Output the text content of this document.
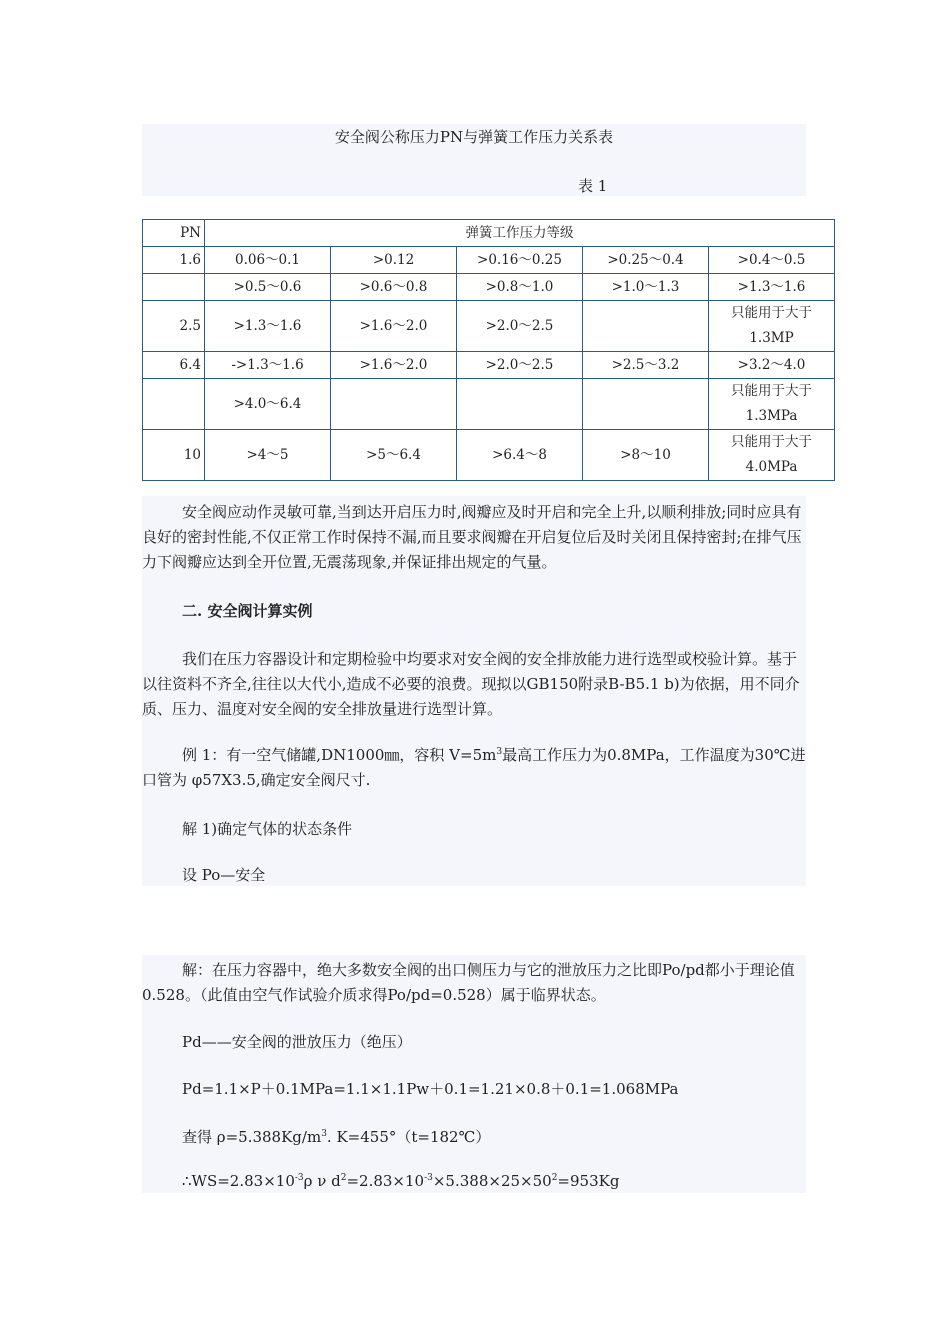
安全阀公称压力PN与弹簧工作压力关系表
表 1
PN	弹簧工作压力等级				
1.6	0.06～0.1	>0.12	>0.16～0.25	>0.25～0.4	>0.4～0.5
	>0.5～0.6	>0.6～0.8	>0.8～1.0	>1.0～1.3	>1.3～1.6
2.5	>1.3～1.6	>1.6～2.0	>2.0～2.5		只能用于大于1.3MP
6.4	->1.3～1.6	>1.6～2.0	>2.0～2.5	>2.5～3.2	>3.2～4.0
	>4.0～6.4				只能用于大于1.3MPa
10	>4～5	>5～6.4	>6.4～8	>8～10	只能用于大于4.0MPa
安全阀应动作灵敏可靠,当到达开启压力时,阀瓣应及时开启和完全上升,以顺利排放;同时应具有良好的密封性能,不仅正常工作时保持不漏,而且要求阀瓣在开启复位后及时关闭且保持密封;在排气压力下阀瓣应达到全开位置,无震荡现象,并保证排出规定的气量。
二. 安全阀计算实例
我们在压力容器设计和定期检验中均要求对安全阀的安全排放能力进行选型或校验计算。基于以往资料不齐全,往往以大代小,造成不必要的浪费。现拟以GB150附录B-B5.1 b)为依据，用不同介质、压力、温度对安全阀的安全排放量进行选型计算。
例 1：有一空气储罐,DN1000㎜，容积 $V=5m^3$最高工作压力为0.8MPa，工作温度为30℃进口管为 φ57X3.5,确定安全阀尺寸.
解 1)确定气体的状态条件
设 Po—安全
解：在压力容器中，绝大多数安全阀的出口侧压力与它的泄放压力之比即Po/pd都小于理论值0.528。（此值由空气作试验介质求得Po/pd=0.528）属于临界状态。
Pd——安全阀的泄放压力（绝压）
Pd=1.1×P＋0.1MPa=1.1×1.1Pw＋0.1=1.21×0.8＋0.1=1.068MPa
查得 $\rho=5.388Kg/m^3$. K=455°（t=182℃）
$\therefore WS=2.83\times 10^{-3}\rho$ ν $d^2=2.83\times 10^{-3}\times 5.388\times 25\times 50^2=953Kg$
